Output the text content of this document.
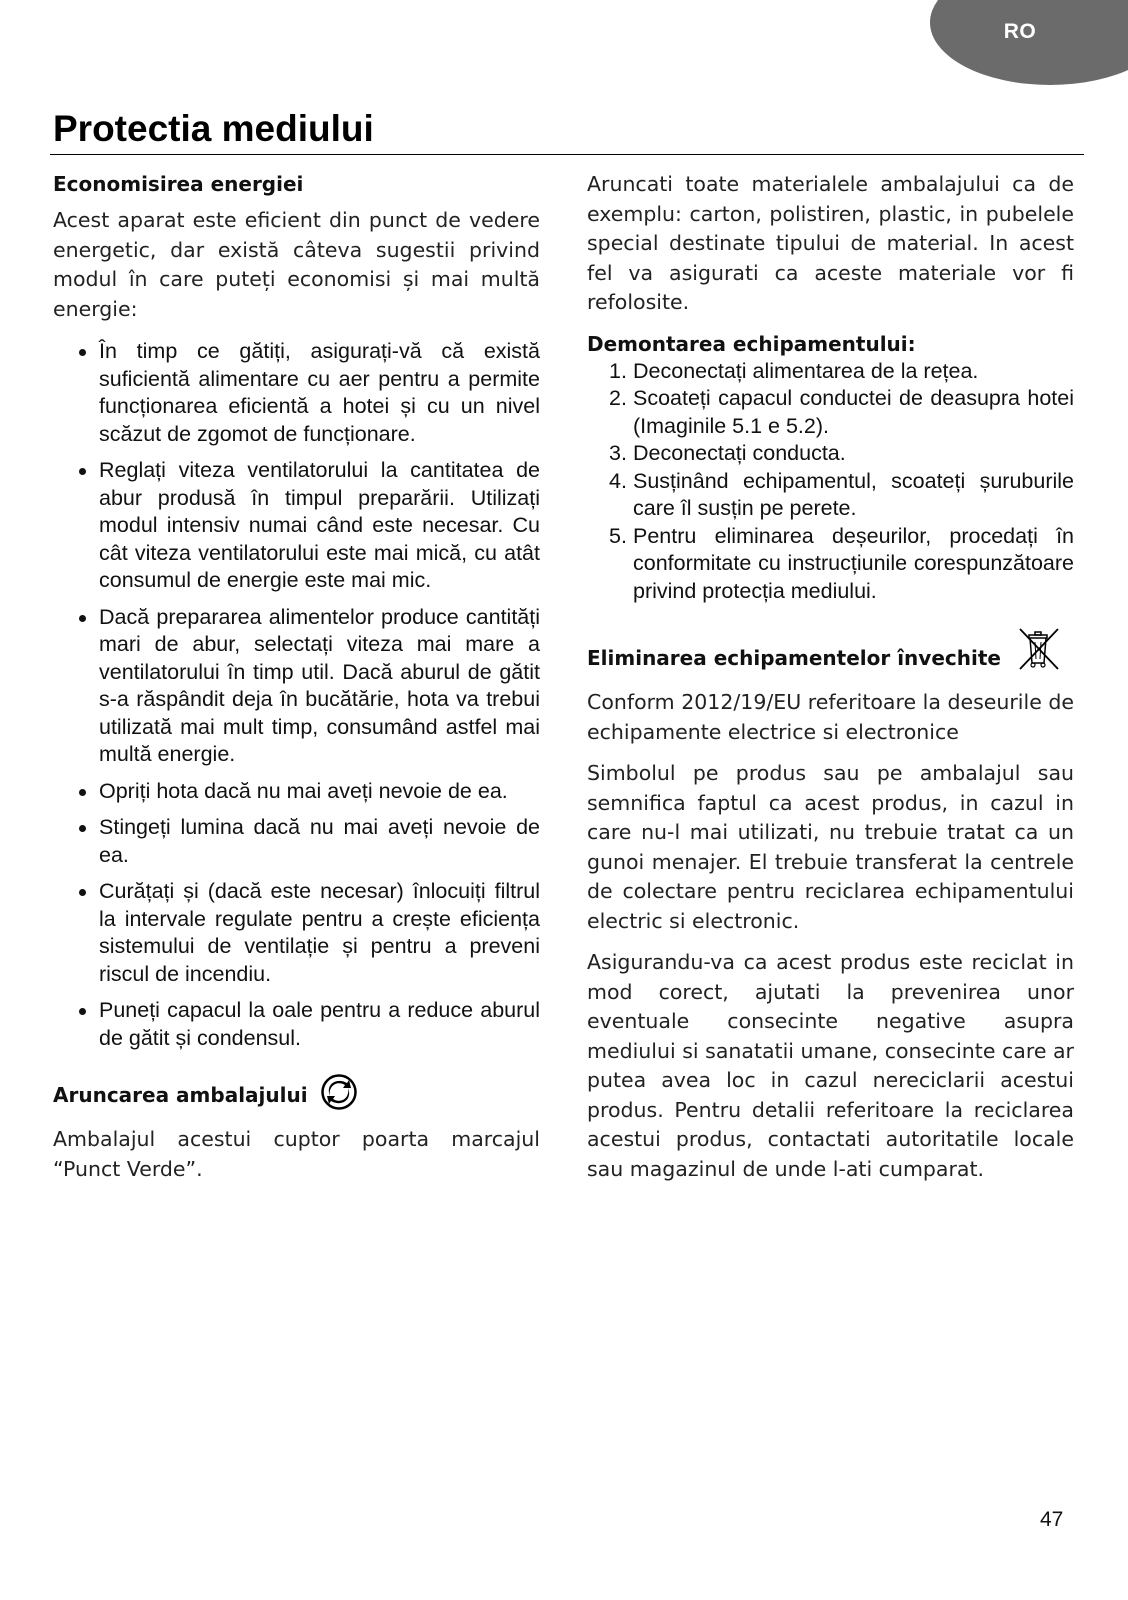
RO
Protectia mediului
Economisirea energiei

Acest aparat este eficient din punct de vedere energetic, dar există câteva sugestii privind modul în care puteți economisi și mai multă energie:

În timp ce gătiți, asigurați-vă că există suficientă alimentare cu aer pentru a permite funcționarea eficientă a hotei și cu un nivel scăzut de zgomot de funcționare.
Reglați viteza ventilatorului la cantitatea de abur produsă în timpul preparării. Utilizați modul intensiv numai când este necesar. Cu cât viteza ventilatorului este mai mică, cu atât consumul de energie este mai mic.
Dacă prepararea alimentelor produce cantități mari de abur, selectați viteza mai mare a ventilatorului în timp util. Dacă aburul de gătit s-a răspândit deja în bucătărie, hota va trebui utilizată mai mult timp, consumând astfel mai multă energie.
Opriți hota dacă nu mai aveți nevoie de ea.
Stingeți lumina dacă nu mai aveți nevoie de ea.
Curățați și (dacă este necesar) înlocuiți filtrul la intervale regulate pentru a crește eficiența sistemului de ventilație și pentru a preveni riscul de incendiu.
Puneți capacul la oale pentru a reduce aburul de gătit și condensul.
Aruncarea ambalajului

Ambalajul acestui cuptor poarta marcajul “Punct Verde”.

Aruncati toate materialele ambalajului ca de exemplu: carton, polistiren, plastic, in pubelele special destinate tipului de material. In acest fel va asigurati ca aceste materiale vor fi refolosite.

Demontarea echipamentului:
1. Deconectați alimentarea de la rețea.
2. Scoateți capacul conductei de deasupra hotei (Imaginile 5.1 e 5.2).
3. Deconectați conducta.
4. Susținând echipamentul, scoateți șuruburile care îl susțin pe perete.
5. Pentru eliminarea deșeurilor, procedați în conformitate cu instrucțiunile corespunzătoare privind protecția mediului.
Eliminarea echipamentelor învechite

Conform 2012/19/EU referitoare la deseurile de echipamente electrice si electronice

Simbolul pe produs sau pe ambalajul sau semnifica faptul ca acest produs, in cazul in care nu-l mai utilizati, nu trebuie tratat ca un gunoi menajer. El trebuie transferat la centrele de colectare pentru reciclarea echipamentului electric si electronic.

Asigurandu-va ca acest produs este reciclat in mod corect, ajutati la prevenirea unor eventuale consecinte negative asupra mediului si sanatatii umane, consecinte care ar putea avea loc in cazul nereciclarii acestui produs. Pentru detalii referitoare la reciclarea acestui produs, contactati autoritatile locale sau magazinul de unde l-ati cumparat.

47
